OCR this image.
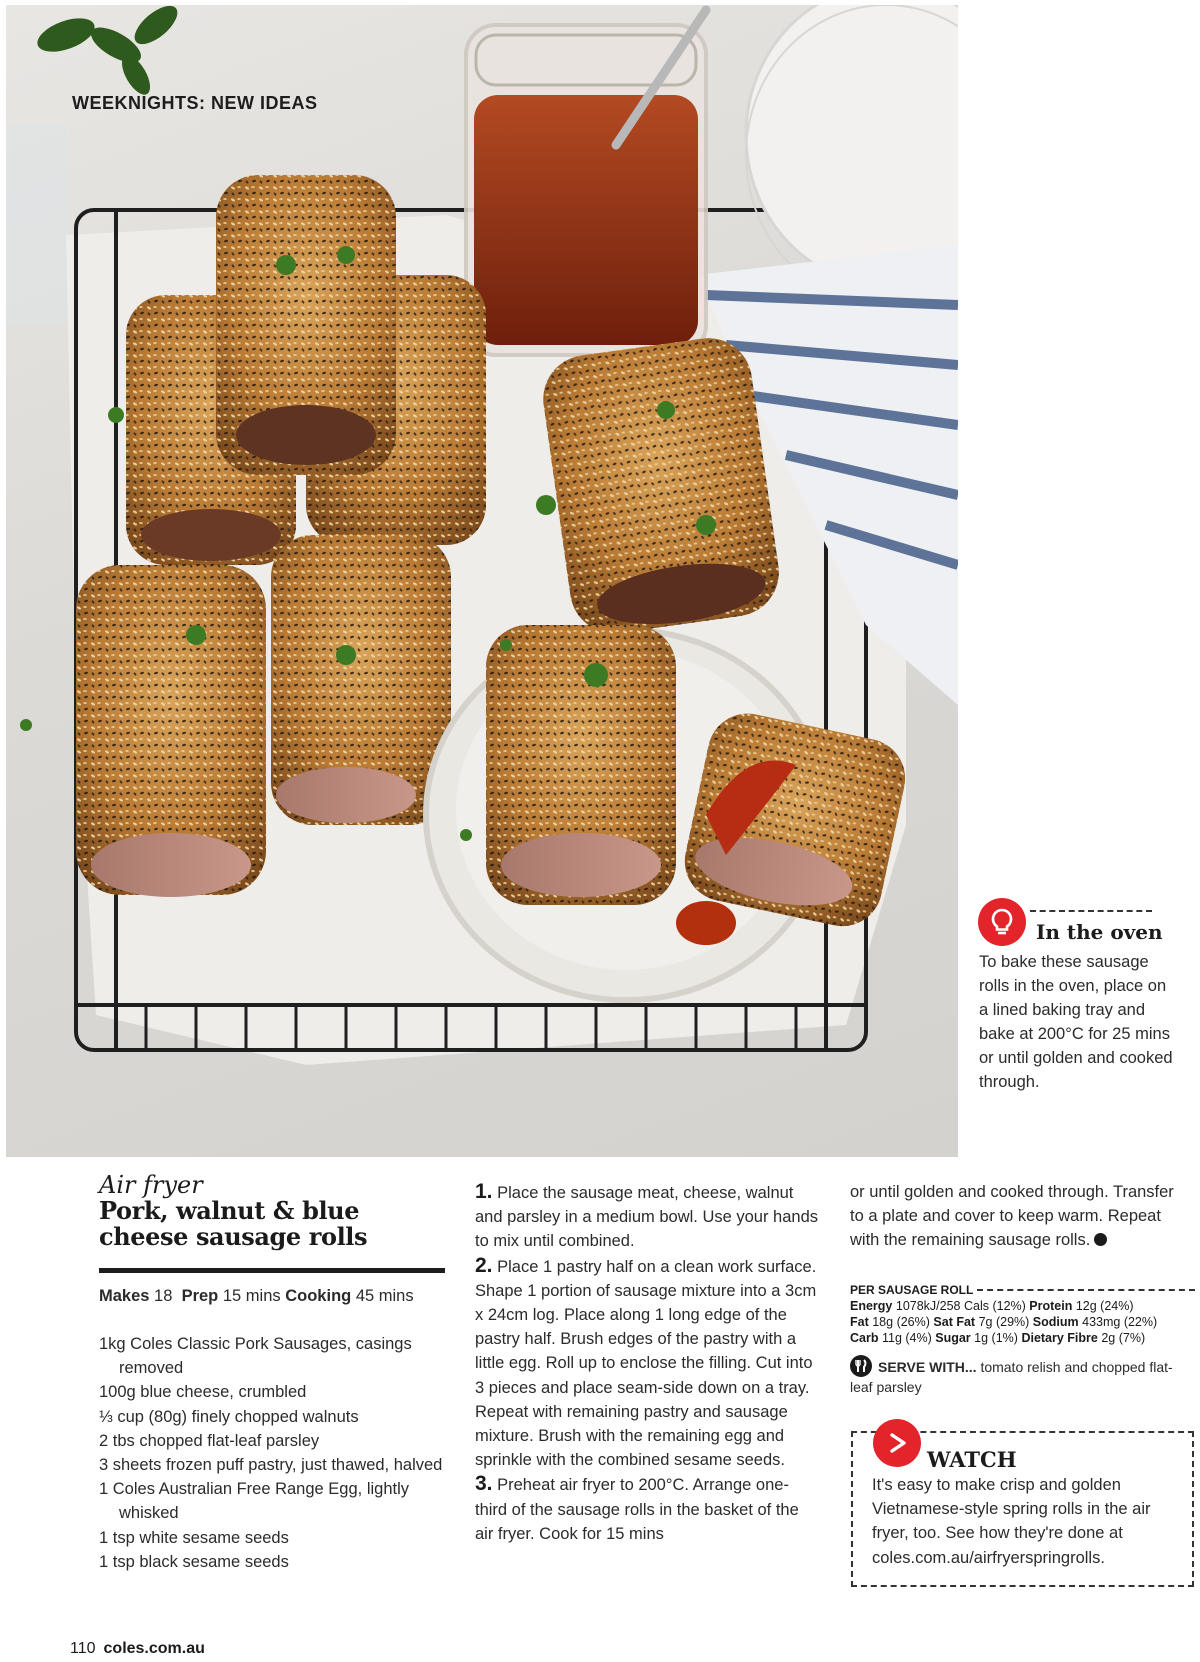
WEEKNIGHTS: NEW IDEAS
In the oven
To bake these sausage rolls in the oven, place on a lined baking tray and bake at 200°C for 25 mins or until golden and cooked through.
Air fryer
Pork, walnut & blue cheese sausage rolls
Makes 18 Prep 15 mins Cooking 45 mins
1kg Coles Classic Pork Sausages, casings removed
100g blue cheese, crumbled
⅓ cup (80g) finely chopped walnuts
2 tbs chopped flat-leaf parsley
3 sheets frozen puff pastry, just thawed, halved
1 Coles Australian Free Range Egg, lightly whisked
1 tsp white sesame seeds
1 tsp black sesame seeds
1. Place the sausage meat, cheese, walnut and parsley in a medium bowl. Use your hands to mix until combined.
2. Place 1 pastry half on a clean work surface. Shape 1 portion of sausage mixture into a 3cm x 24cm log. Place along 1 long edge of the pastry half. Brush edges of the pastry with a little egg. Roll up to enclose the filling. Cut into 3 pieces and place seam-side down on a tray. Repeat with remaining pastry and sausage mixture. Brush with the remaining egg and sprinkle with the combined sesame seeds.
3. Preheat air fryer to 200°C. Arrange one-third of the sausage rolls in the basket of the air fryer. Cook for 15 mins
or until golden and cooked through. Transfer to a plate and cover to keep warm. Repeat with the remaining sausage rolls.
PER SAUSAGE ROLL
Energy 1078kJ/258 Cals (12%) Protein 12g (24%)
Fat 18g (26%) Sat Fat 7g (29%) Sodium 433mg (22%)
Carb 11g (4%) Sugar 1g (1%) Dietary Fibre 2g (7%)
SERVE WITH... tomato relish and chopped flat-leaf parsley
WATCH
It's easy to make crisp and golden Vietnamese-style spring rolls in the air fryer, too. See how they're done at coles.com.au/airfryerspringrolls.
110 coles.com.au
